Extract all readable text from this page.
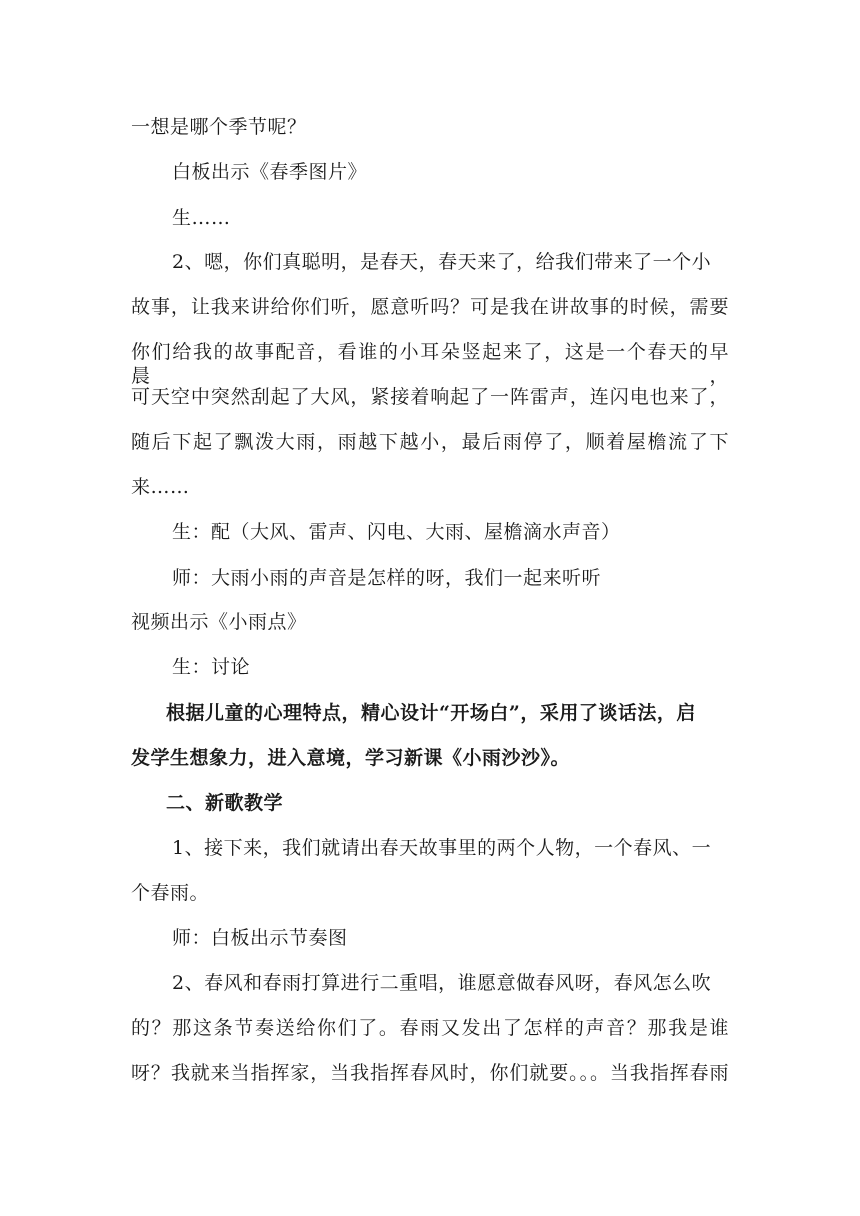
一想是哪个季节呢？
白板出示《春季图片》
生……
2、嗯，你们真聪明，是春天，春天来了，给我们带来了一个小
故事，让我来讲给你们听，愿意听吗？可是我在讲故事的时候，需要
你们给我的故事配音，看谁的小耳朵竖起来了，这是一个春天的早晨，
可天空中突然刮起了大风，紧接着响起了一阵雷声，连闪电也来了，
随后下起了飘泼大雨，雨越下越小，最后雨停了，顺着屋檐流了下
来……
生：配（大风、雷声、闪电、大雨、屋檐滴水声音）
师：大雨小雨的声音是怎样的呀，我们一起来听听
视频出示《小雨点》
生：讨论
根据儿童的心理特点，精心设计“开场白”，采用了谈话法，启
发学生想象力，进入意境，学习新课《小雨沙沙》。
二、新歌教学
1、接下来，我们就请出春天故事里的两个人物，一个春风、一
个春雨。
师：白板出示节奏图
2、春风和春雨打算进行二重唱，谁愿意做春风呀，春风怎么吹
的？那这条节奏送给你们了。春雨又发出了怎样的声音？那我是谁
呀？我就来当指挥家，当我指挥春风时，你们就要。。。当我指挥春雨
